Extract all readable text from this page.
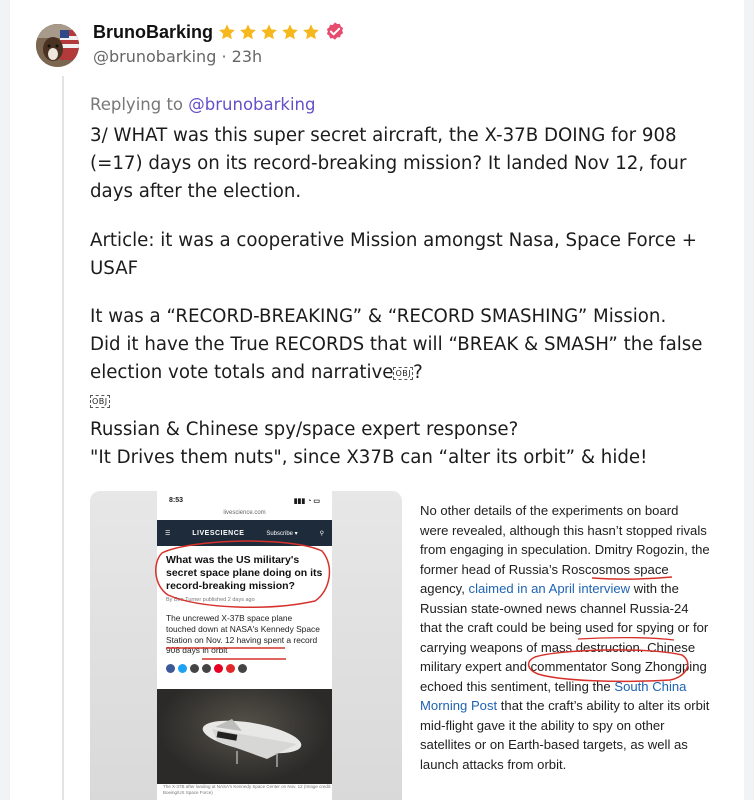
BrunoBarking
@brunobarking · 23h
Replying to @brunobarking

3/ WHAT was this super secret aircraft, the X-37B DOING for 908 (=17) days on its record-breaking mission? It landed Nov 12, four days after the election.

Article: it was a cooperative Mission amongst Nasa, Space Force + USAF

It was a “RECORD-BREAKING” & “RECORD SMASHING” Mission.
Did it have the True RECORDS that will “BREAK & SMASH” the false election vote totals and narrative OBJ ?
OBJ
Russian & Chinese spy/space expert response?
"It Drives them nuts", since X37B can “alter its orbit” & hide!

8:53	▮▮▮ ◔ ▭
livescience.com
☰	LIVESCIENCE	Subscribe ▾	⚲
What was the US military's secret space plane doing on its record-breaking mission?
By Ben Turner published 2 days ago
The uncrewed X-37B space plane touched down at NASA's Kennedy Space Station on Nov. 12 having spent a record 908 days in orbit
The X-37B after landing at NASA's Kennedy Space Center on Nov. 12 (Image credit: Boeing/US Space Force)
No other details of the experiments on board were revealed, although this hasn’t stopped rivals from engaging in speculation. Dmitry Rogozin, the former head of Russia’s Roscosmos space agency, claimed in an April interview with the Russian state-owned news channel Russia-24 that the craft could be being used for spying or for carrying weapons of mass destruction. Chinese military expert and commentator Song Zhongping echoed this sentiment, telling the South China Morning Post that the craft’s ability to alter its orbit mid-flight gave it the ability to spy on other satellites or on Earth-based targets, as well as launch attacks from orbit.
